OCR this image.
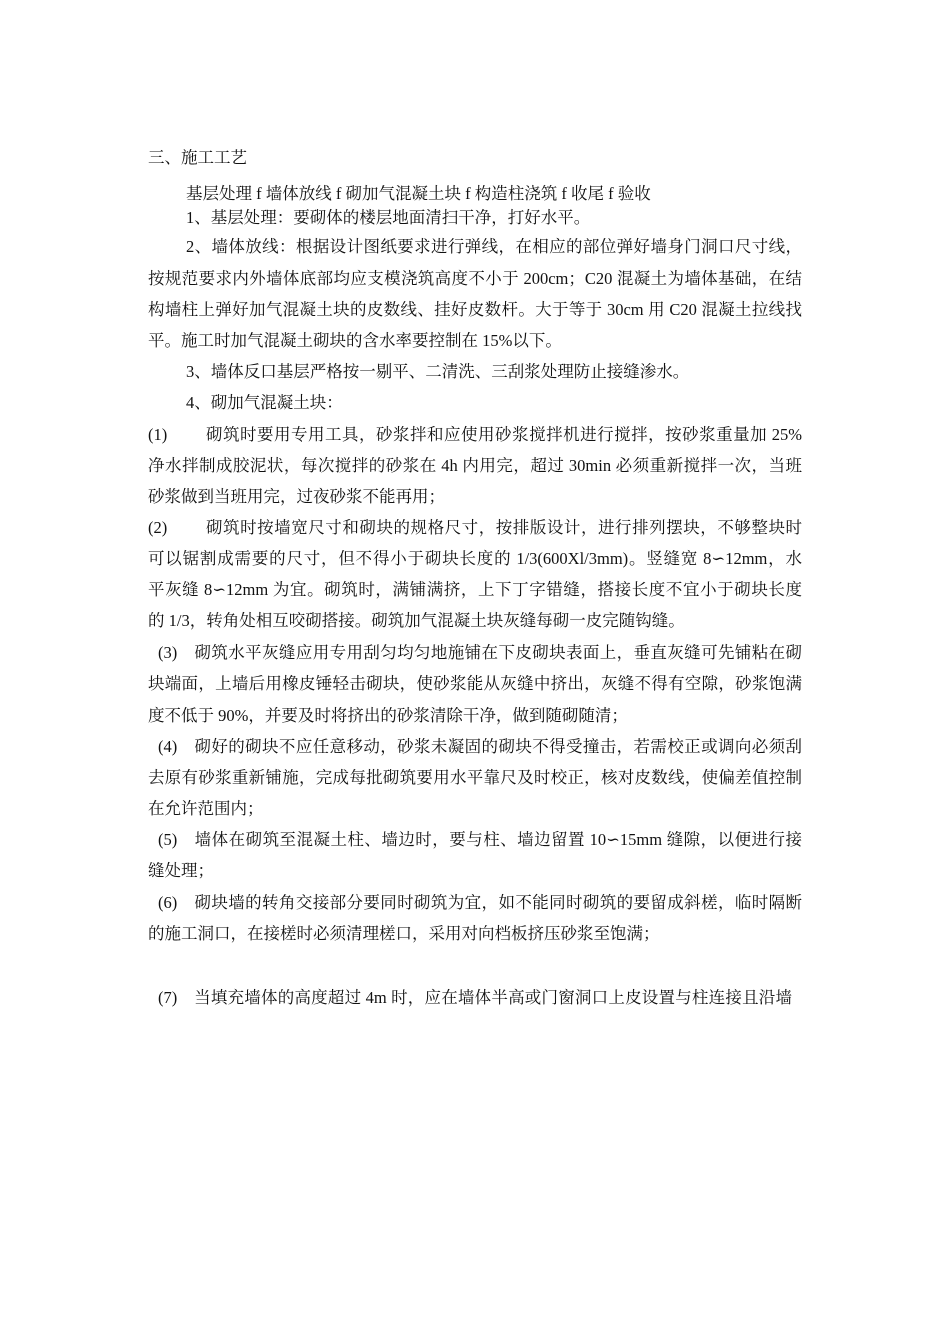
三、施工工艺
基层处理 f 墙体放线 f 砌加气混凝土块 f 构造柱浇筑 f 收尾 f 验收
1、基层处理：要砌体的楼层地面清扫干净，打好水平。
2、墙体放线：根据设计图纸要求进行弹线，在相应的部位弹好墙身门洞口尺寸线，
按规范要求内外墙体底部均应支模浇筑高度不小于 200cm；C20 混凝土为墙体基础，在结
构墙柱上弹好加气混凝土块的皮数线、挂好皮数杆。大于等于 30cm 用 C20 混凝土拉线找
平。施工时加气混凝土砌块的含水率要控制在 15%以下。
3、墙体反口基层严格按一剔平、二清洗、三刮浆处理防止接缝渗水。
4、砌加气混凝土块：
(1) 砌筑时要用专用工具，砂浆拌和应使用砂浆搅拌机进行搅拌，按砂浆重量加 25%
净水拌制成胶泥状，每次搅拌的砂浆在 4h 内用完，超过 30min 必须重新搅拌一次，当班
砂浆做到当班用完，过夜砂浆不能再用；
(2) 砌筑时按墙宽尺寸和砌块的规格尺寸，按排版设计，进行排列摆块，不够整块时
可以锯割成需要的尺寸，但不得小于砌块长度的 1/3(600Xl/3mm)。竖缝宽 8∽12mm，水
平灰缝 8∽12mm 为宜。砌筑时，满铺满挤，上下丁字错缝，搭接长度不宜小于砌块长度
的 1/3，转角处相互咬砌搭接。砌筑加气混凝土块灰缝每砌一皮完随钩缝。
(3)　砌筑水平灰缝应用专用刮匀均匀地施铺在下皮砌块表面上，垂直灰缝可先铺粘在砌
块端面，上墙后用橡皮锤轻击砌块，使砂浆能从灰缝中挤出，灰缝不得有空隙，砂浆饱满
度不低于 90%，并要及时将挤出的砂浆清除干净，做到随砌随清；
(4)　砌好的砌块不应任意移动，砂浆未凝固的砌块不得受撞击，若需校正或调向必须刮
去原有砂浆重新铺施，完成每批砌筑要用水平靠尺及时校正，核对皮数线，使偏差值控制
在允许范围内；
(5)　墙体在砌筑至混凝土柱、墙边时，要与柱、墙边留置 10∽15mm 缝隙，以便进行接
缝处理；
(6)　砌块墙的转角交接部分要同时砌筑为宜，如不能同时砌筑的要留成斜槎，临时隔断
的施工洞口，在接槎时必须清理槎口，采用对向档板挤压砂浆至饱满；
(7)　当填充墙体的高度超过 4m 时，应在墙体半高或门窗洞口上皮设置与柱连接且沿墙
